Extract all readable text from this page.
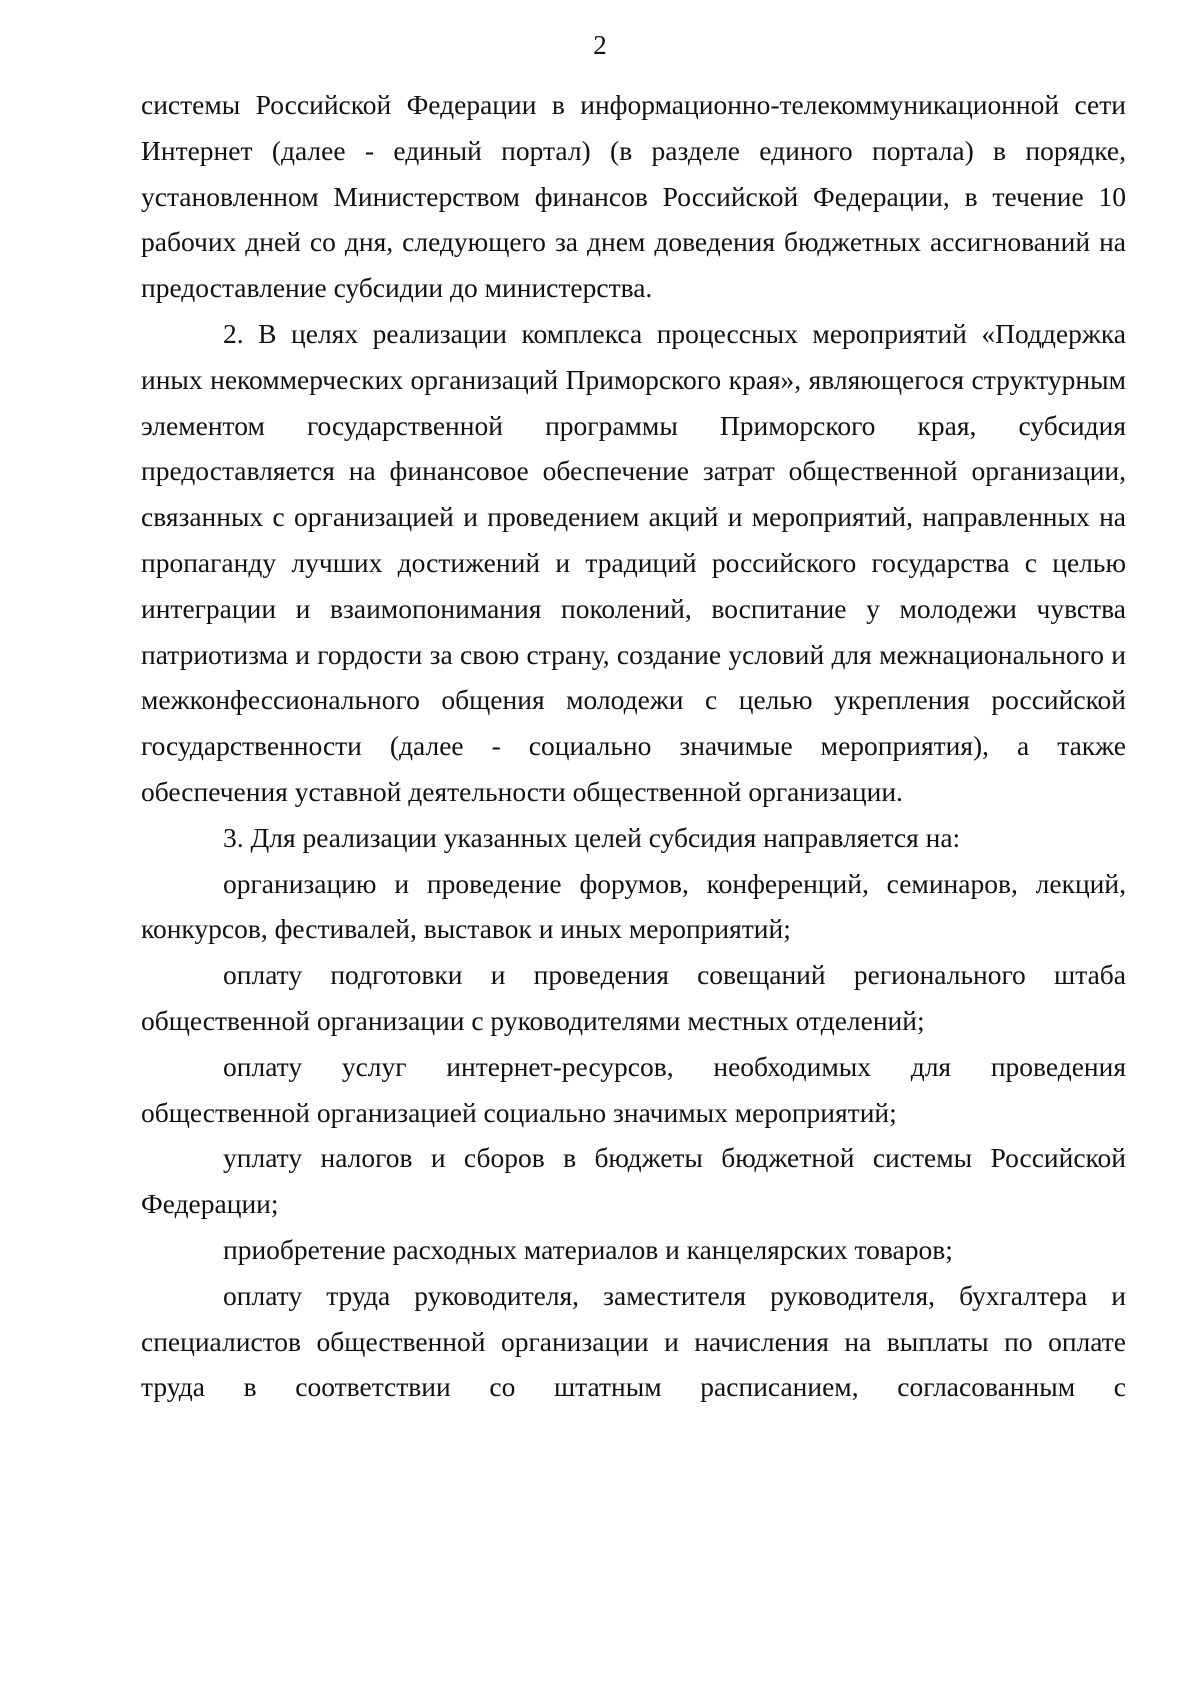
2

системы Российской Федерации в информационно-телекоммуникационной сети Интернет (далее - единый портал) (в разделе единого портала) в порядке, установленном Министерством финансов Российской Федерации, в течение 10 рабочих дней со дня, следующего за днем доведения бюджетных ассигнований на предоставление субсидии до министерства.

2. В целях реализации комплекса процессных мероприятий «Поддержка иных некоммерческих организаций Приморского края», являющегося структурным элементом государственной программы Приморского края, субсидия предоставляется на финансовое обеспечение затрат общественной организации, связанных с организацией и проведением акций и мероприятий, направленных на пропаганду лучших достижений и традиций российского государства с целью интеграции и взаимопонимания поколений, воспитание у молодежи чувства патриотизма и гордости за свою страну, создание условий для межнационального и межконфессионального общения молодежи с целью укрепления российской государственности (далее - социально значимые мероприятия), а также обеспечения уставной деятельности общественной организации.

3. Для реализации указанных целей субсидия направляется на:

организацию и проведение форумов, конференций, семинаров, лекций, конкурсов, фестивалей, выставок и иных мероприятий;

оплату подготовки и проведения совещаний регионального штаба общественной организации с руководителями местных отделений;

оплату услуг интернет-ресурсов, необходимых для проведения общественной организацией социально значимых мероприятий;

уплату налогов и сборов в бюджеты бюджетной системы Российской Федерации;

приобретение расходных материалов и канцелярских товаров;

оплату труда руководителя, заместителя руководителя, бухгалтера и специалистов общественной организации и начисления на выплаты по оплате труда в соответствии со штатным расписанием, согласованным с
